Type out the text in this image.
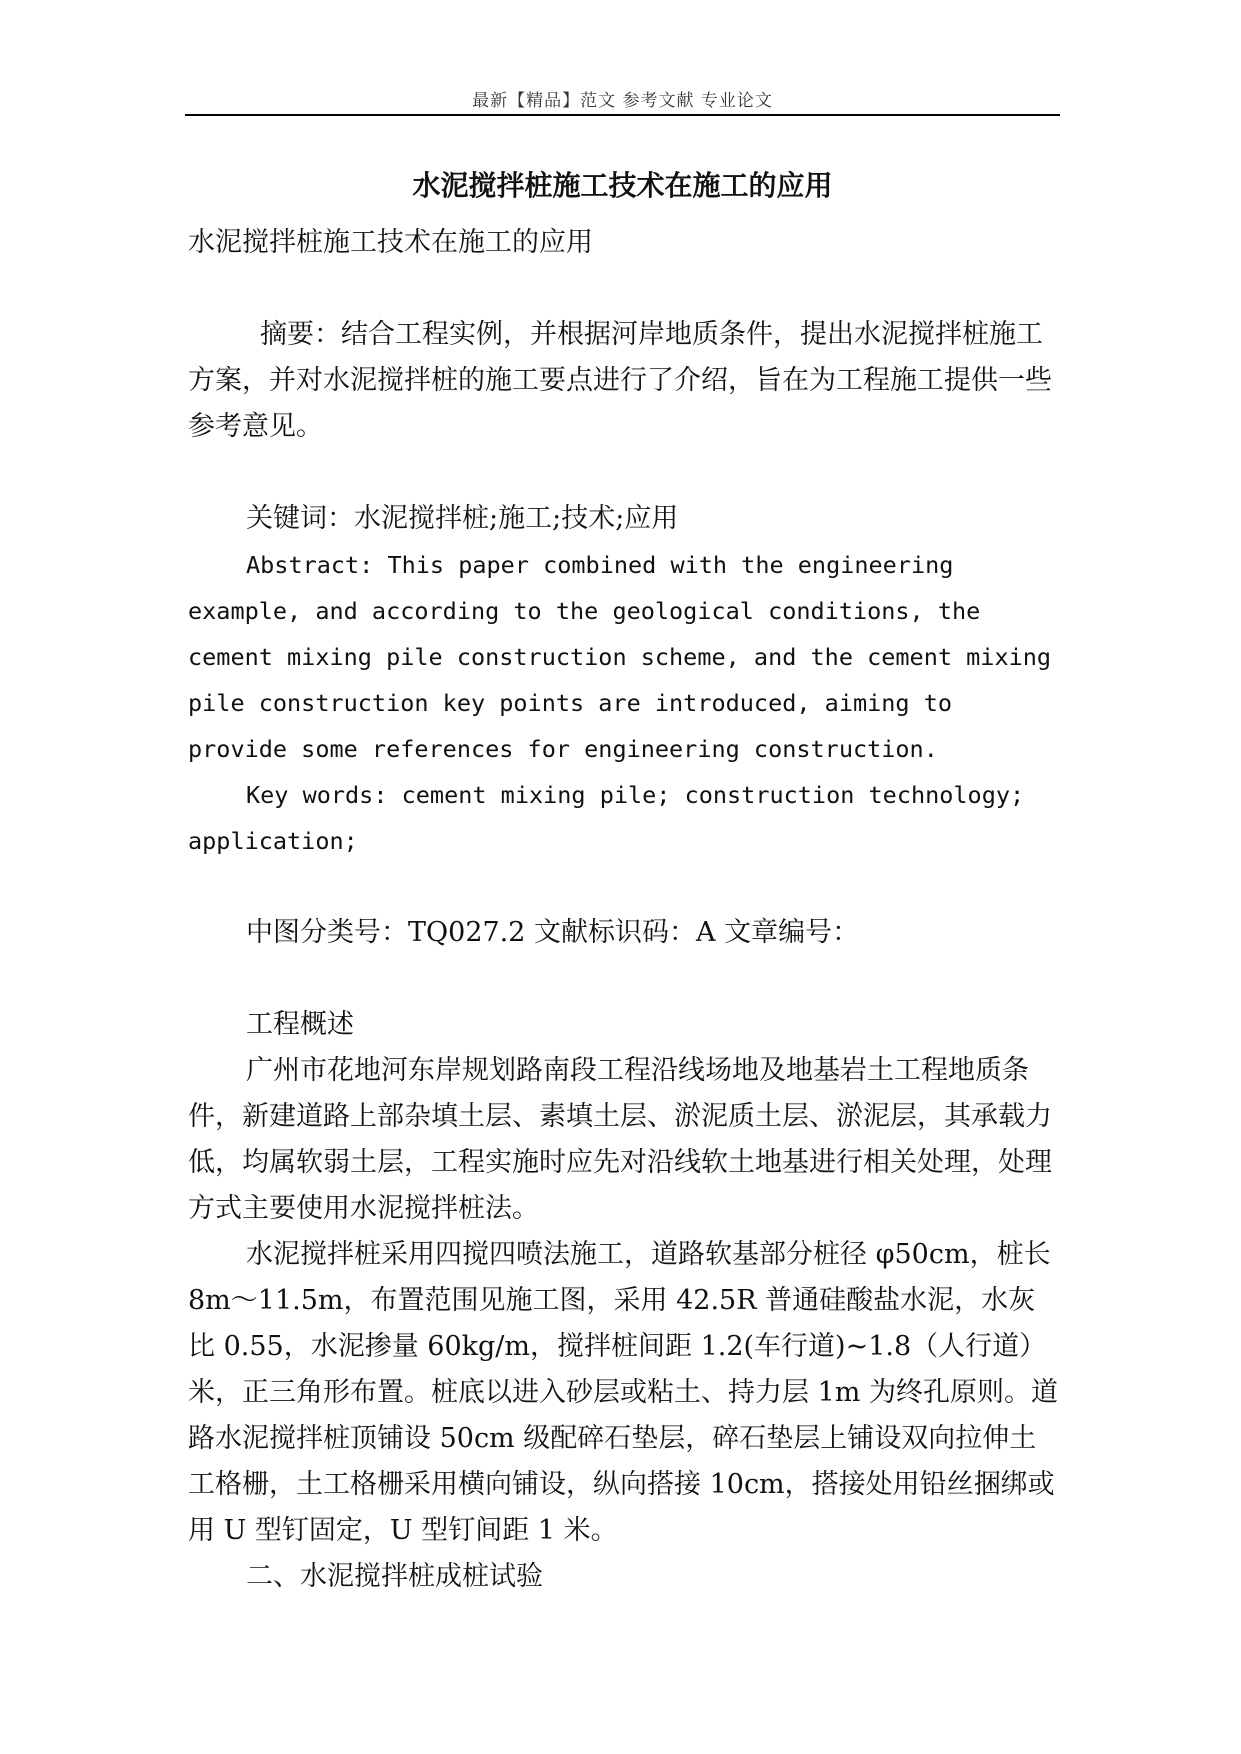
最新【精品】范文 参考文献 专业论文
水泥搅拌桩施工技术在施工的应用

水泥搅拌桩施工技术在施工的应用

摘要：结合工程实例，并根据河岸地质条件，提出水泥搅拌桩施工方案，并对水泥搅拌桩的施工要点进行了介绍，旨在为工程施工提供一些参考意见。

关键词：水泥搅拌桩;施工;技术;应用

Abstract: This paper combined with the engineering example, and according to the geological conditions, the cement mixing pile construction scheme, and the cement mixing pile construction key points are introduced, aiming to provide some references for engineering construction.

Key words: cement mixing pile; construction technology; application;

中图分类号：TQ027.2 文献标识码：A 文章编号：

工程概述

广州市花地河东岸规划路南段工程沿线场地及地基岩土工程地质条件，新建道路上部杂填土层、素填土层、淤泥质土层、淤泥层，其承载力低，均属软弱土层，工程实施时应先对沿线软土地基进行相关处理，处理方式主要使用水泥搅拌桩法。

水泥搅拌桩采用四搅四喷法施工，道路软基部分桩径 φ50cm，桩长 8m～11.5m，布置范围见施工图，采用 42.5R 普通硅酸盐水泥，水灰比 0.55，水泥掺量 60kg/m，搅拌桩间距 1.2(车行道)~1.8（人行道）米，正三角形布置。桩底以进入砂层或粘土、持力层 1m 为终孔原则。道路水泥搅拌桩顶铺设 50cm 级配碎石垫层，碎石垫层上铺设双向拉伸土工格栅，土工格栅采用横向铺设，纵向搭接 10cm，搭接处用铅丝捆绑或用 U 型钉固定，U 型钉间距 1 米。

二、水泥搅拌桩成桩试验
